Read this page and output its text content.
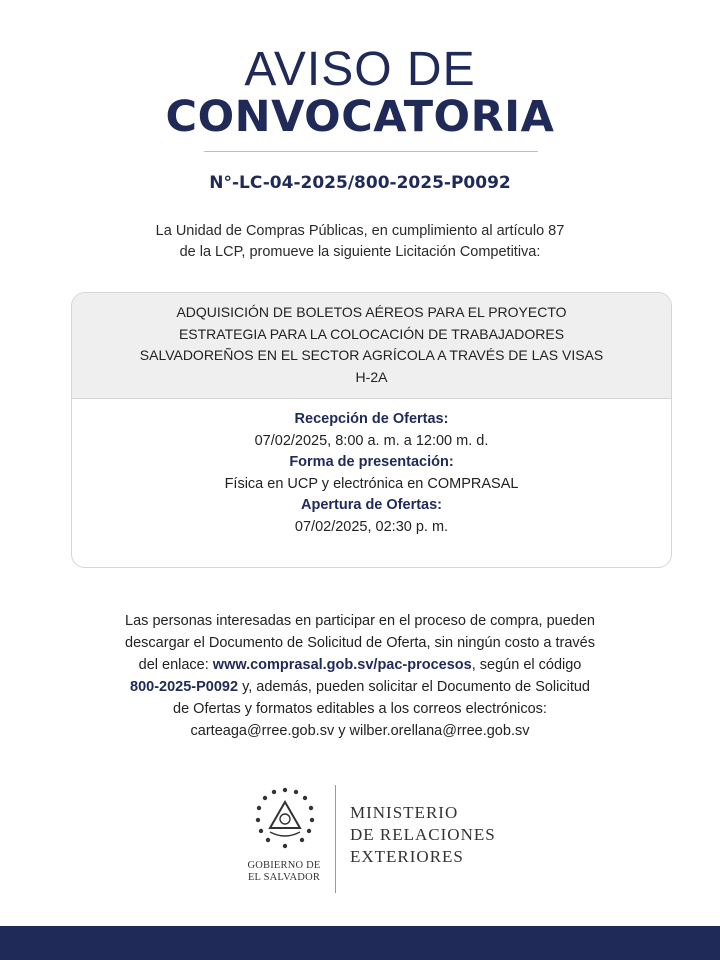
AVISO DE
CONVOCATORIA
N°-LC-04-2025/800-2025-P0092
La Unidad de Compras Públicas, en cumplimiento al artículo 87
de la LCP, promueve la siguiente Licitación Competitiva:
ADQUISICIÓN DE BOLETOS AÉREOS PARA EL PROYECTO
ESTRATEGIA PARA LA COLOCACIÓN DE TRABAJADORES
SALVADOREÑOS EN EL SECTOR AGRÍCOLA A TRAVÉS DE LAS VISAS
H-2A
Recepción de Ofertas:
07/02/2025, 8:00 a. m. a 12:00 m. d.
Forma de presentación:
Física en UCP y electrónica en COMPRASAL
Apertura de Ofertas:
07/02/2025, 02:30 p. m.
Las personas interesadas en participar en el proceso de compra, pueden
descargar el Documento de Solicitud de Oferta, sin ningún costo a través
del enlace: www.comprasal.gob.sv/pac-procesos, según el código
800-2025-P0092 y, además, pueden solicitar el Documento de Solicitud
de Ofertas y formatos editables a los correos electrónicos:
carteaga@rree.gob.sv y wilber.orellana@rree.gob.sv
GOBIERNO DE
EL SALVADOR
MINISTERIO
DE RELACIONES
EXTERIORES
